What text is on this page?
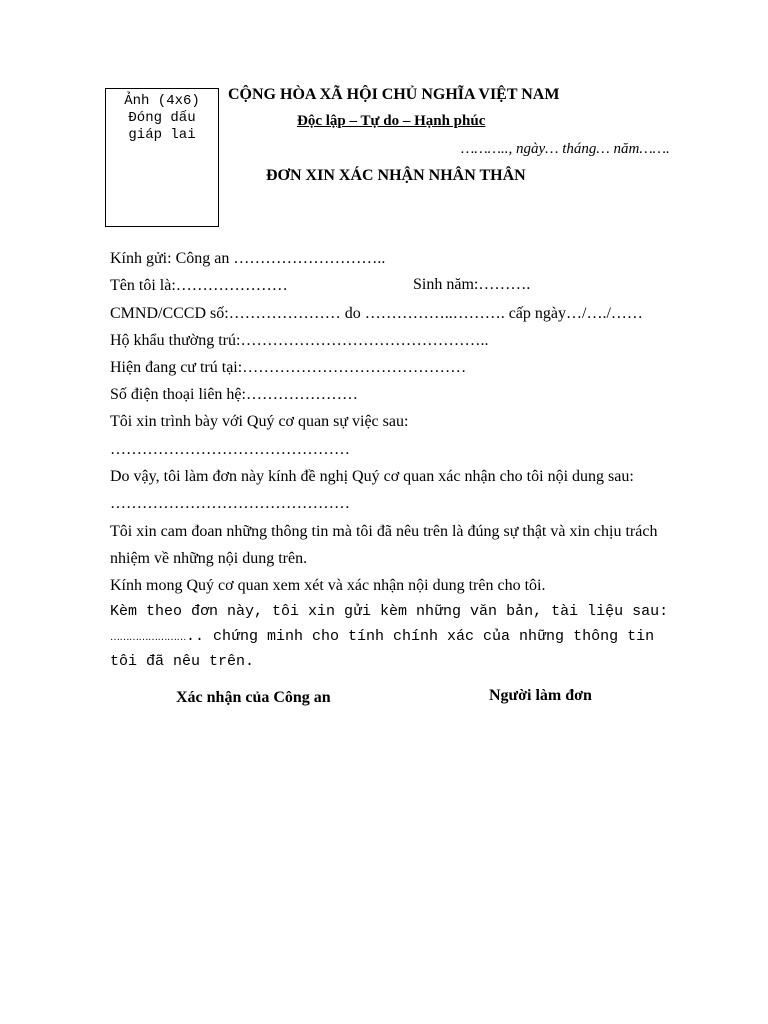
Ảnh (4x6)
Đóng dấu
giáp lai
CỘNG HÒA XÃ HỘI CHỦ NGHĨA VIỆT NAM
Độc lập – Tự do – Hạnh phúc
……….., ngày… tháng… năm…….
ĐƠN XIN XÁC NHẬN NHÂN THÂN
Kính gửi: Công an ………………………..
Tên tôi là:…………………	Sinh năm:……….
CMND/CCCD số:………………… do ……………..………. cấp ngày…/…./……
Hộ khẩu thường trú:………………………………………..
Hiện đang cư trú tại:……………………………………
Số điện thoại liên hệ:…………………
Tôi xin trình bày với Quý cơ quan sự việc sau:
………………………………………
Do vậy, tôi làm đơn này kính đề nghị Quý cơ quan xác nhận cho tôi nội dung sau:
………………………………………
Tôi xin cam đoan những thông tin mà tôi đã nêu trên là đúng sự thật và xin chịu trách
nhiệm về những nội dung trên.
Kính mong Quý cơ quan xem xét và xác nhận nội dung trên cho tôi.
Kèm theo đơn này, tôi xin gửi kèm những văn bản, tài liệu sau:
…………………….. chứng minh cho tính chính xác của những thông tin
tôi đã nêu trên.
Xác nhận của Công an	Người làm đơn
